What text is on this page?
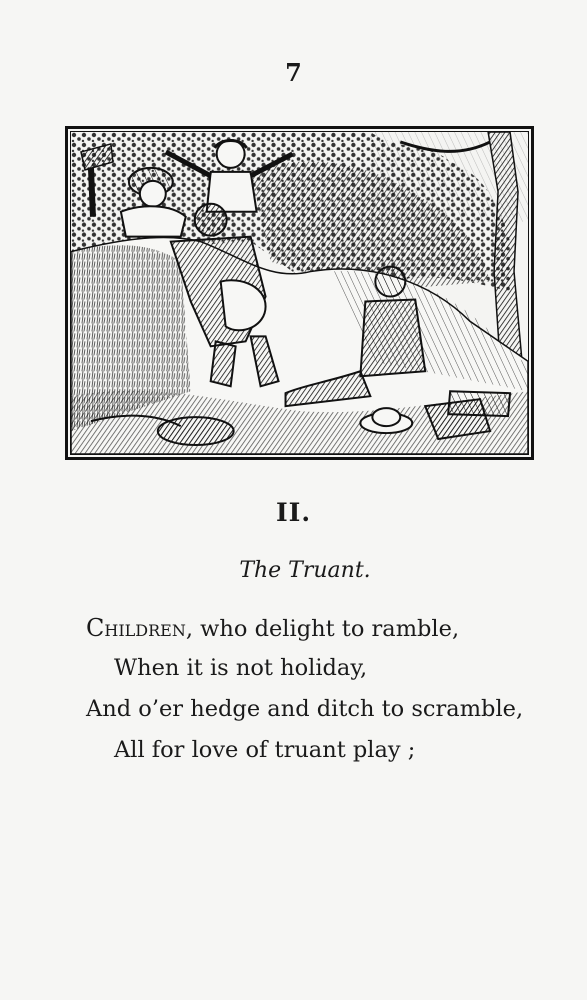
7
II.
The Truant.
Children, who delight to ramble,
When it is not holiday,
And o’er hedge and ditch to scramble,
All for love of truant play ;
